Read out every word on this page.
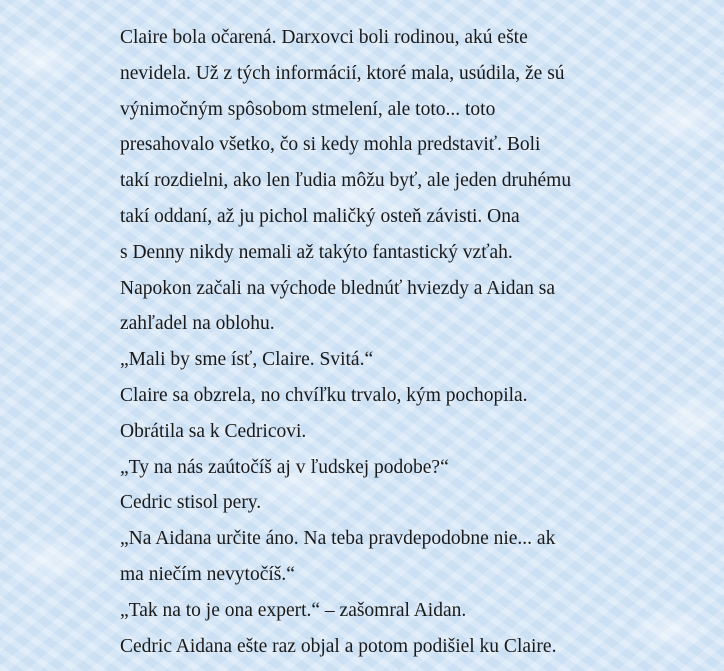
Claire bola očarená. Darxovci boli rodinou, akú ešte

nevidela. Už z tých informácií, ktoré mala, usúdila, že sú

výnimočným spôsobom stmelení, ale toto... toto

presahovalo všetko, čo si kedy mohla predstaviť. Boli

takí rozdielni, ako len ľudia môžu byť, ale jeden druhému

takí oddaní, až ju pichol maličký osteň závisti. Ona

s Denny nikdy nemali až takýto fantastický vzťah.

Napokon začali na východe blednúť hviezdy a Aidan sa

zahľadel na oblohu.

„Mali by sme ísť, Claire. Svitá.“

Claire sa obzrela, no chvíľku trvalo, kým pochopila.

Obrátila sa k Cedricovi.

„Ty na nás zaútočíš aj v ľudskej podobe?“

Cedric stisol pery.

„Na Aidana určite áno. Na teba pravdepodobne nie... ak

ma niečím nevytočíš.“

„Tak na to je ona expert.“ – zašomral Aidan.

Cedric Aidana ešte raz objal a potom podišiel ku Claire.
